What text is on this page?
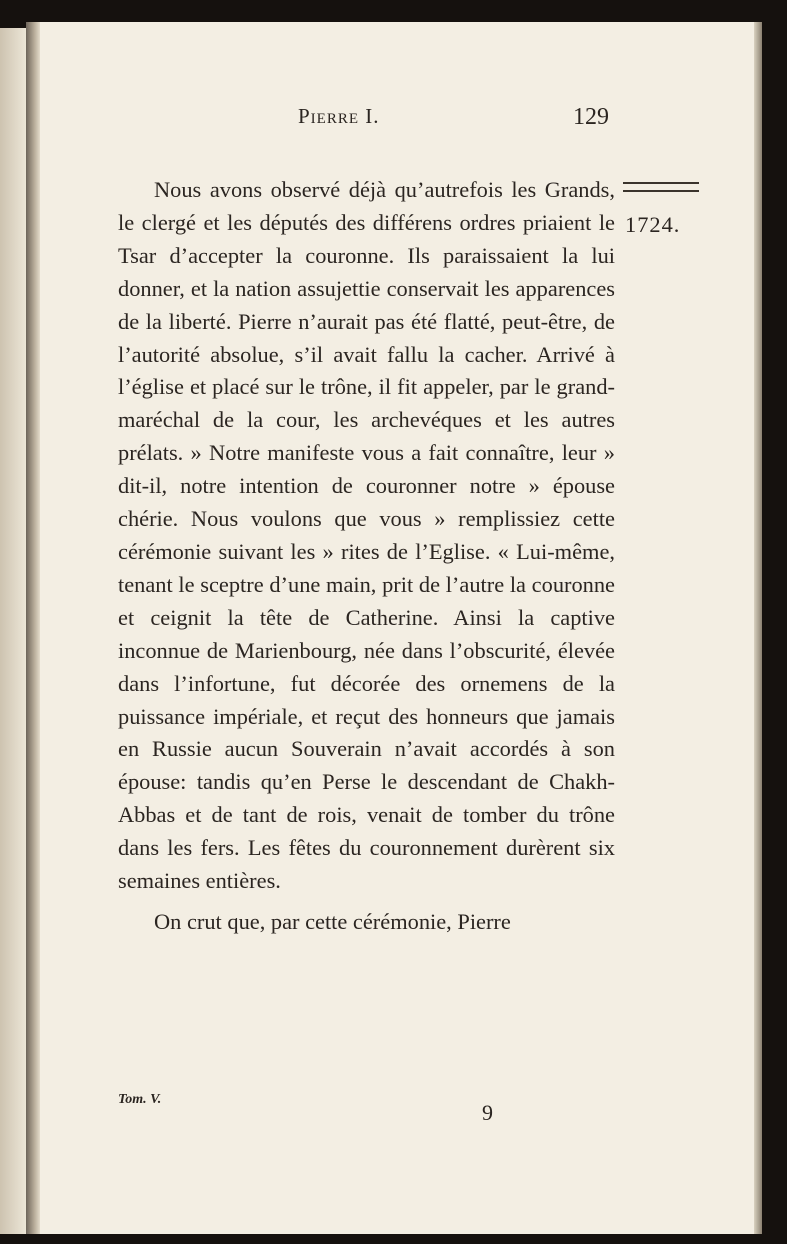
Pierre I.	129
1724.

Nous avons observé déjà qu’autrefois les Grands, le clergé et les députés des différens ordres priaient le Tsar d’accepter la couronne. Ils paraissaient la lui donner, et la nation assujettie conservait les apparences de la liberté. Pierre n’aurait pas été flatté, peut-être, de l’autorité absolue, s’il avait fallu la cacher. Arrivé à l’église et placé sur le trône, il fit appeler, par le grand-maréchal de la cour, les archevéques et les autres prélats. » Notre manifeste vous a fait connaître, leur » dit-il, notre intention de couronner notre » épouse chérie. Nous voulons que vous » remplissiez cette cérémonie suivant les » rites de l’Eglise. « Lui-même, tenant le sceptre d’une main, prit de l’autre la couronne et ceignit la tête de Catherine. Ainsi la captive inconnue de Marienbourg, née dans l’obscurité, élevée dans l’infortune, fut décorée des ornemens de la puissance impériale, et reçut des honneurs que jamais en Russie aucun Souverain n’avait accordés à son épouse: tandis qu’en Perse le descendant de Chakh-Abbas et de tant de rois, venait de tomber du trône dans les fers. Les fêtes du couronnement durèrent six semaines entières.

On crut que, par cette cérémonie, Pierre

Tom. V.
9
